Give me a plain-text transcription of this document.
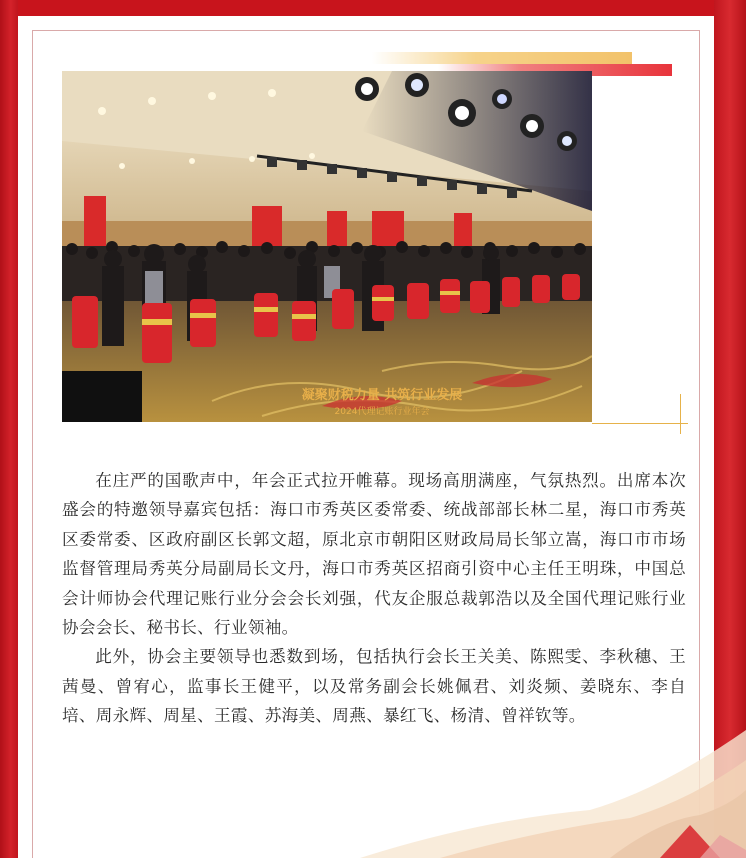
凝聚财税力量 共筑行业发展
2024代理记账行业年会

在庄严的国歌声中，年会正式拉开帷幕。现场高朋满座，气氛热烈。出席本次盛会的特邀领导嘉宾包括：海口市秀英区委常委、统战部部长林二星，海口市秀英区委常委、区政府副区长郭文超，原北京市朝阳区财政局局长邹立嵩，海口市市场监督管理局秀英分局副局长文丹，海口市秀英区招商引资中心主任王明珠，中国总会计师协会代理记账行业分会会长刘强，代友企服总裁郭浩以及全国代理记账行业协会会长、秘书长、行业领袖。

此外，协会主要领导也悉数到场，包括执行会长王关美、陈熙雯、李秋穗、王茜曼、曾宥心，监事长王健平，以及常务副会长姚佩君、刘炎频、姜晓东、李自培、周永辉、周星、王霞、苏海美、周燕、暴红飞、杨清、曾祥钦等。
